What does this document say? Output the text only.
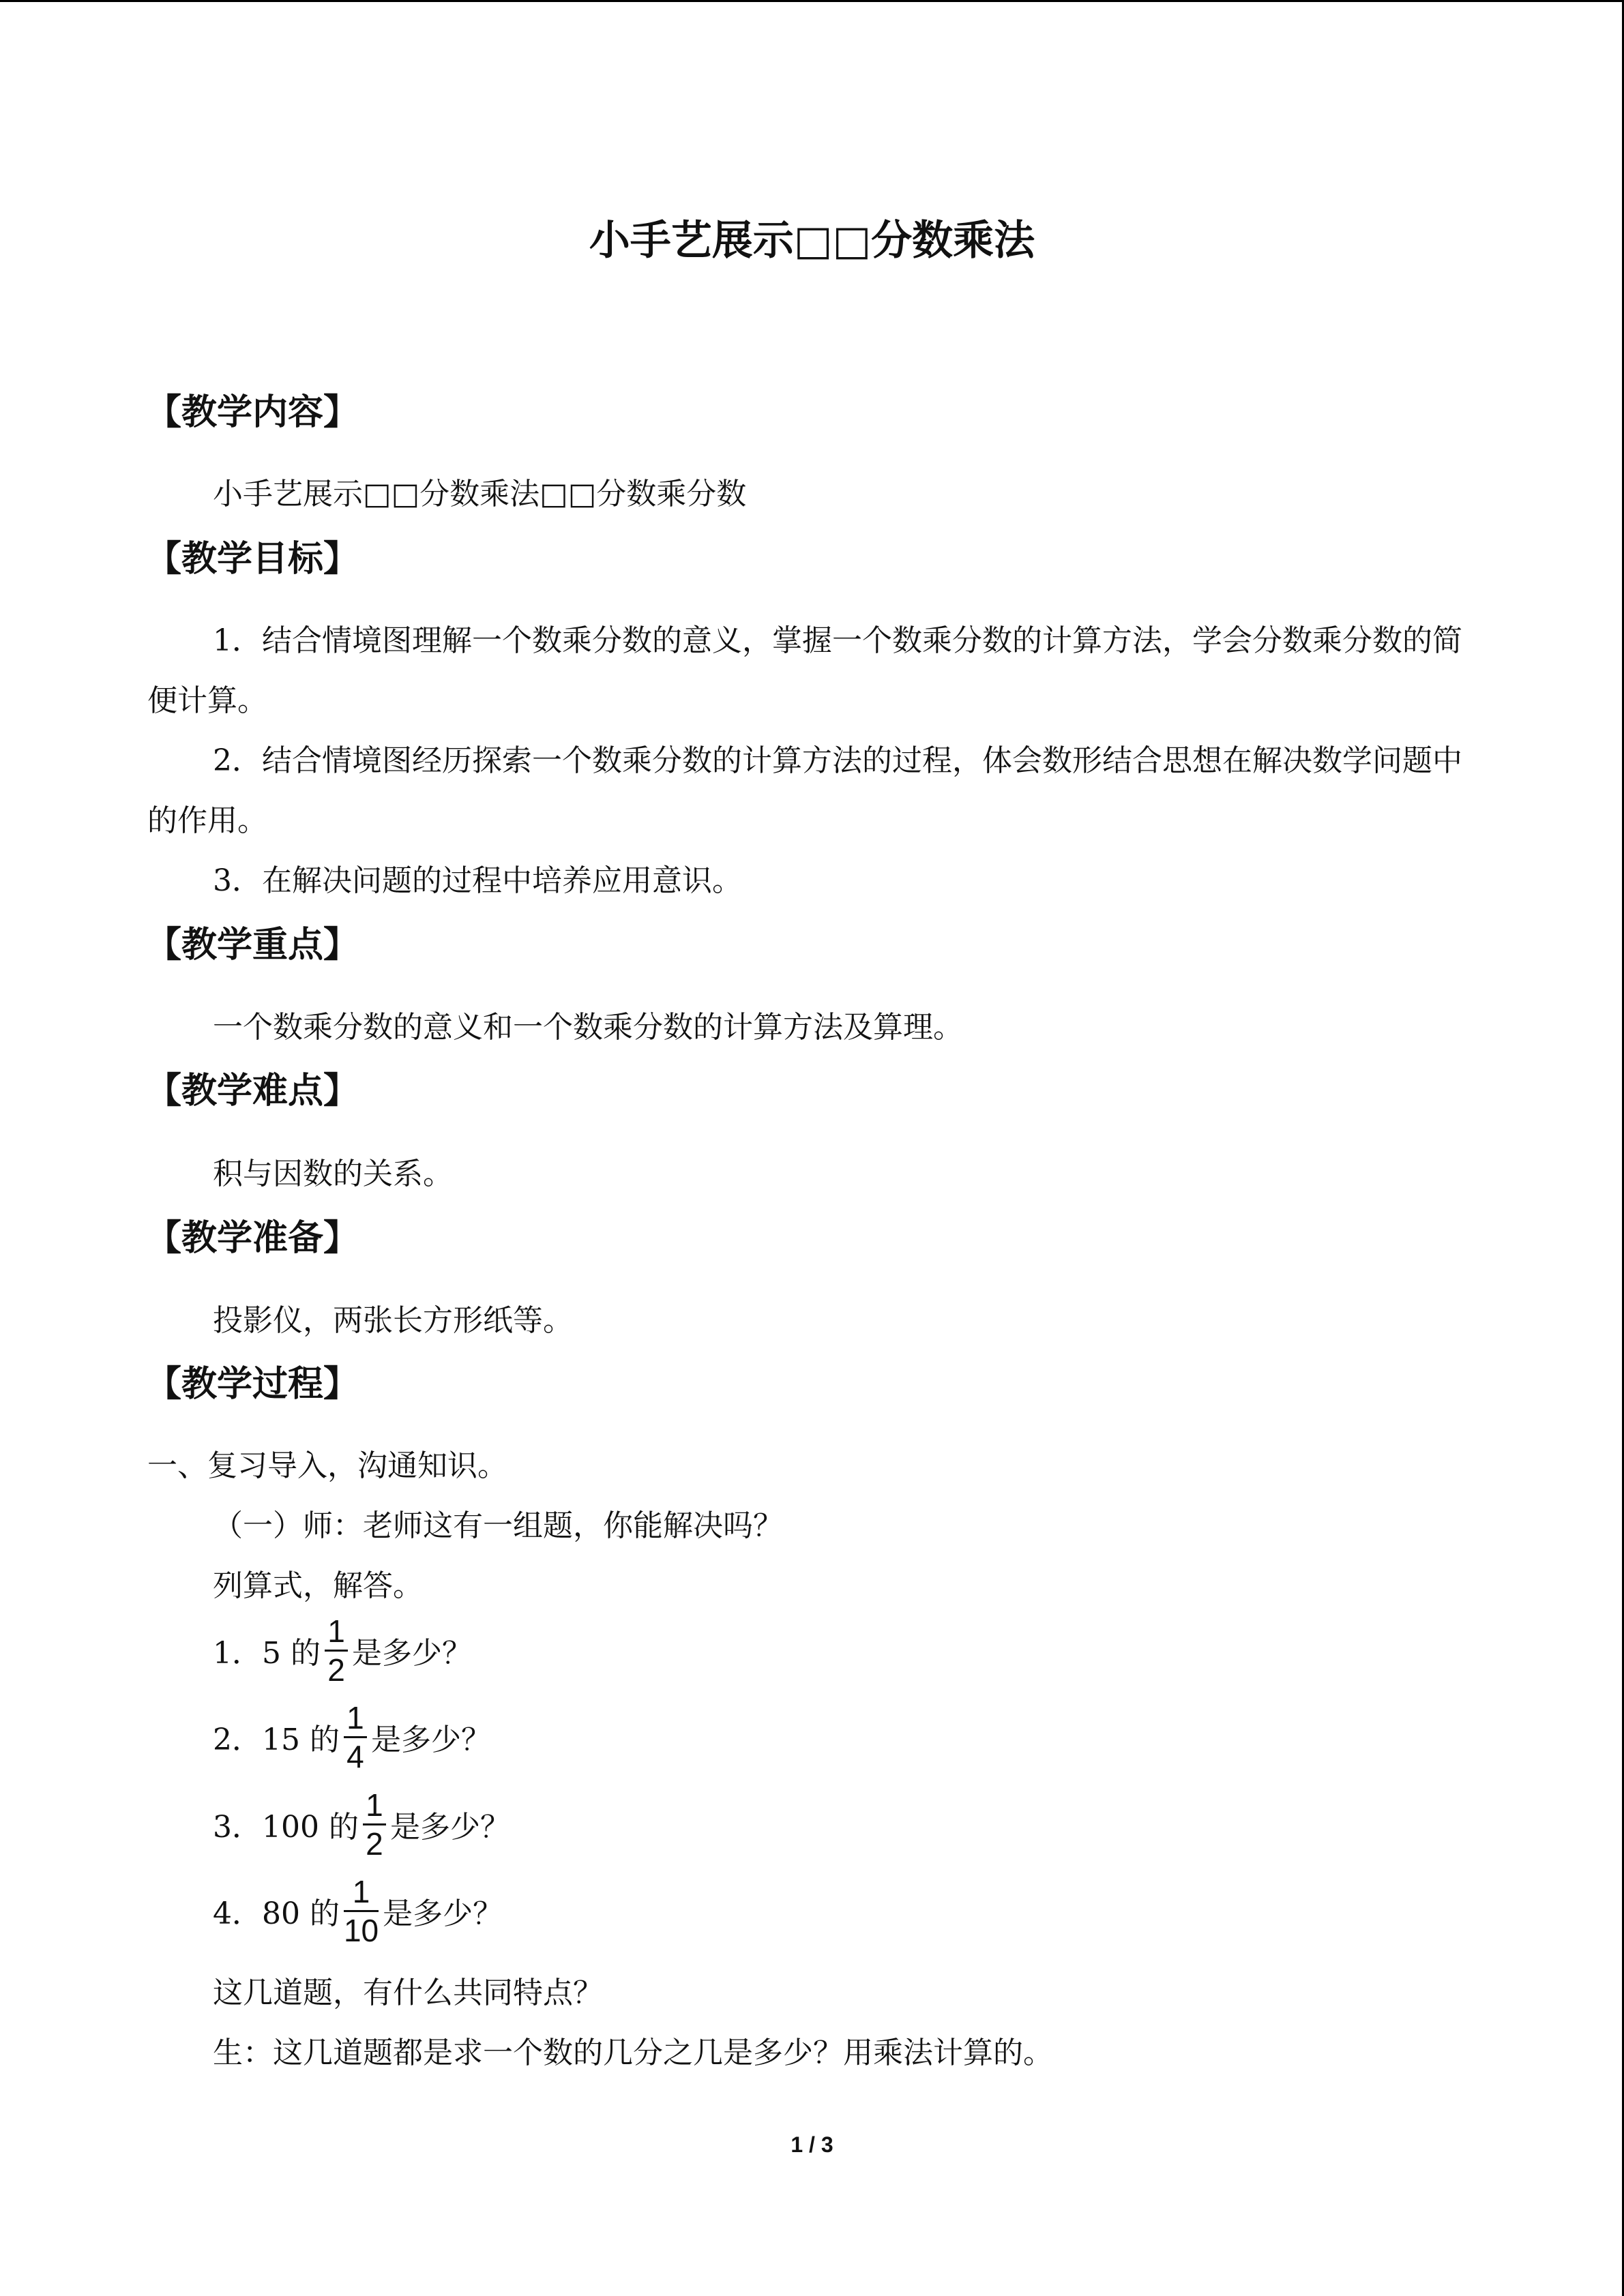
小手艺展示□□分数乘法
【教学内容】
小手艺展示□□分数乘法□□分数乘分数
【教学目标】
1．结合情境图理解一个数乘分数的意义，掌握一个数乘分数的计算方法，学会分数乘分数的简便计算。
2．结合情境图经历探索一个数乘分数的计算方法的过程，体会数形结合思想在解决数学问题中的作用。
3．在解决问题的过程中培养应用意识。
【教学重点】
一个数乘分数的意义和一个数乘分数的计算方法及算理。
【教学难点】
积与因数的关系。
【教学准备】
投影仪，两张长方形纸等。
【教学过程】
一、复习导入，沟通知识。
（一）师：老师这有一组题，你能解决吗？
列算式，解答。
1．5 的 $\frac{1}{2}$ 是多少？
2．15 的 $\frac{1}{4}$ 是多少？
3．100 的 $\frac{1}{2}$ 是多少？
4．80 的 $\frac{1}{10}$ 是多少？
这几道题，有什么共同特点？
生：这几道题都是求一个数的几分之几是多少？用乘法计算的。
1 / 3
